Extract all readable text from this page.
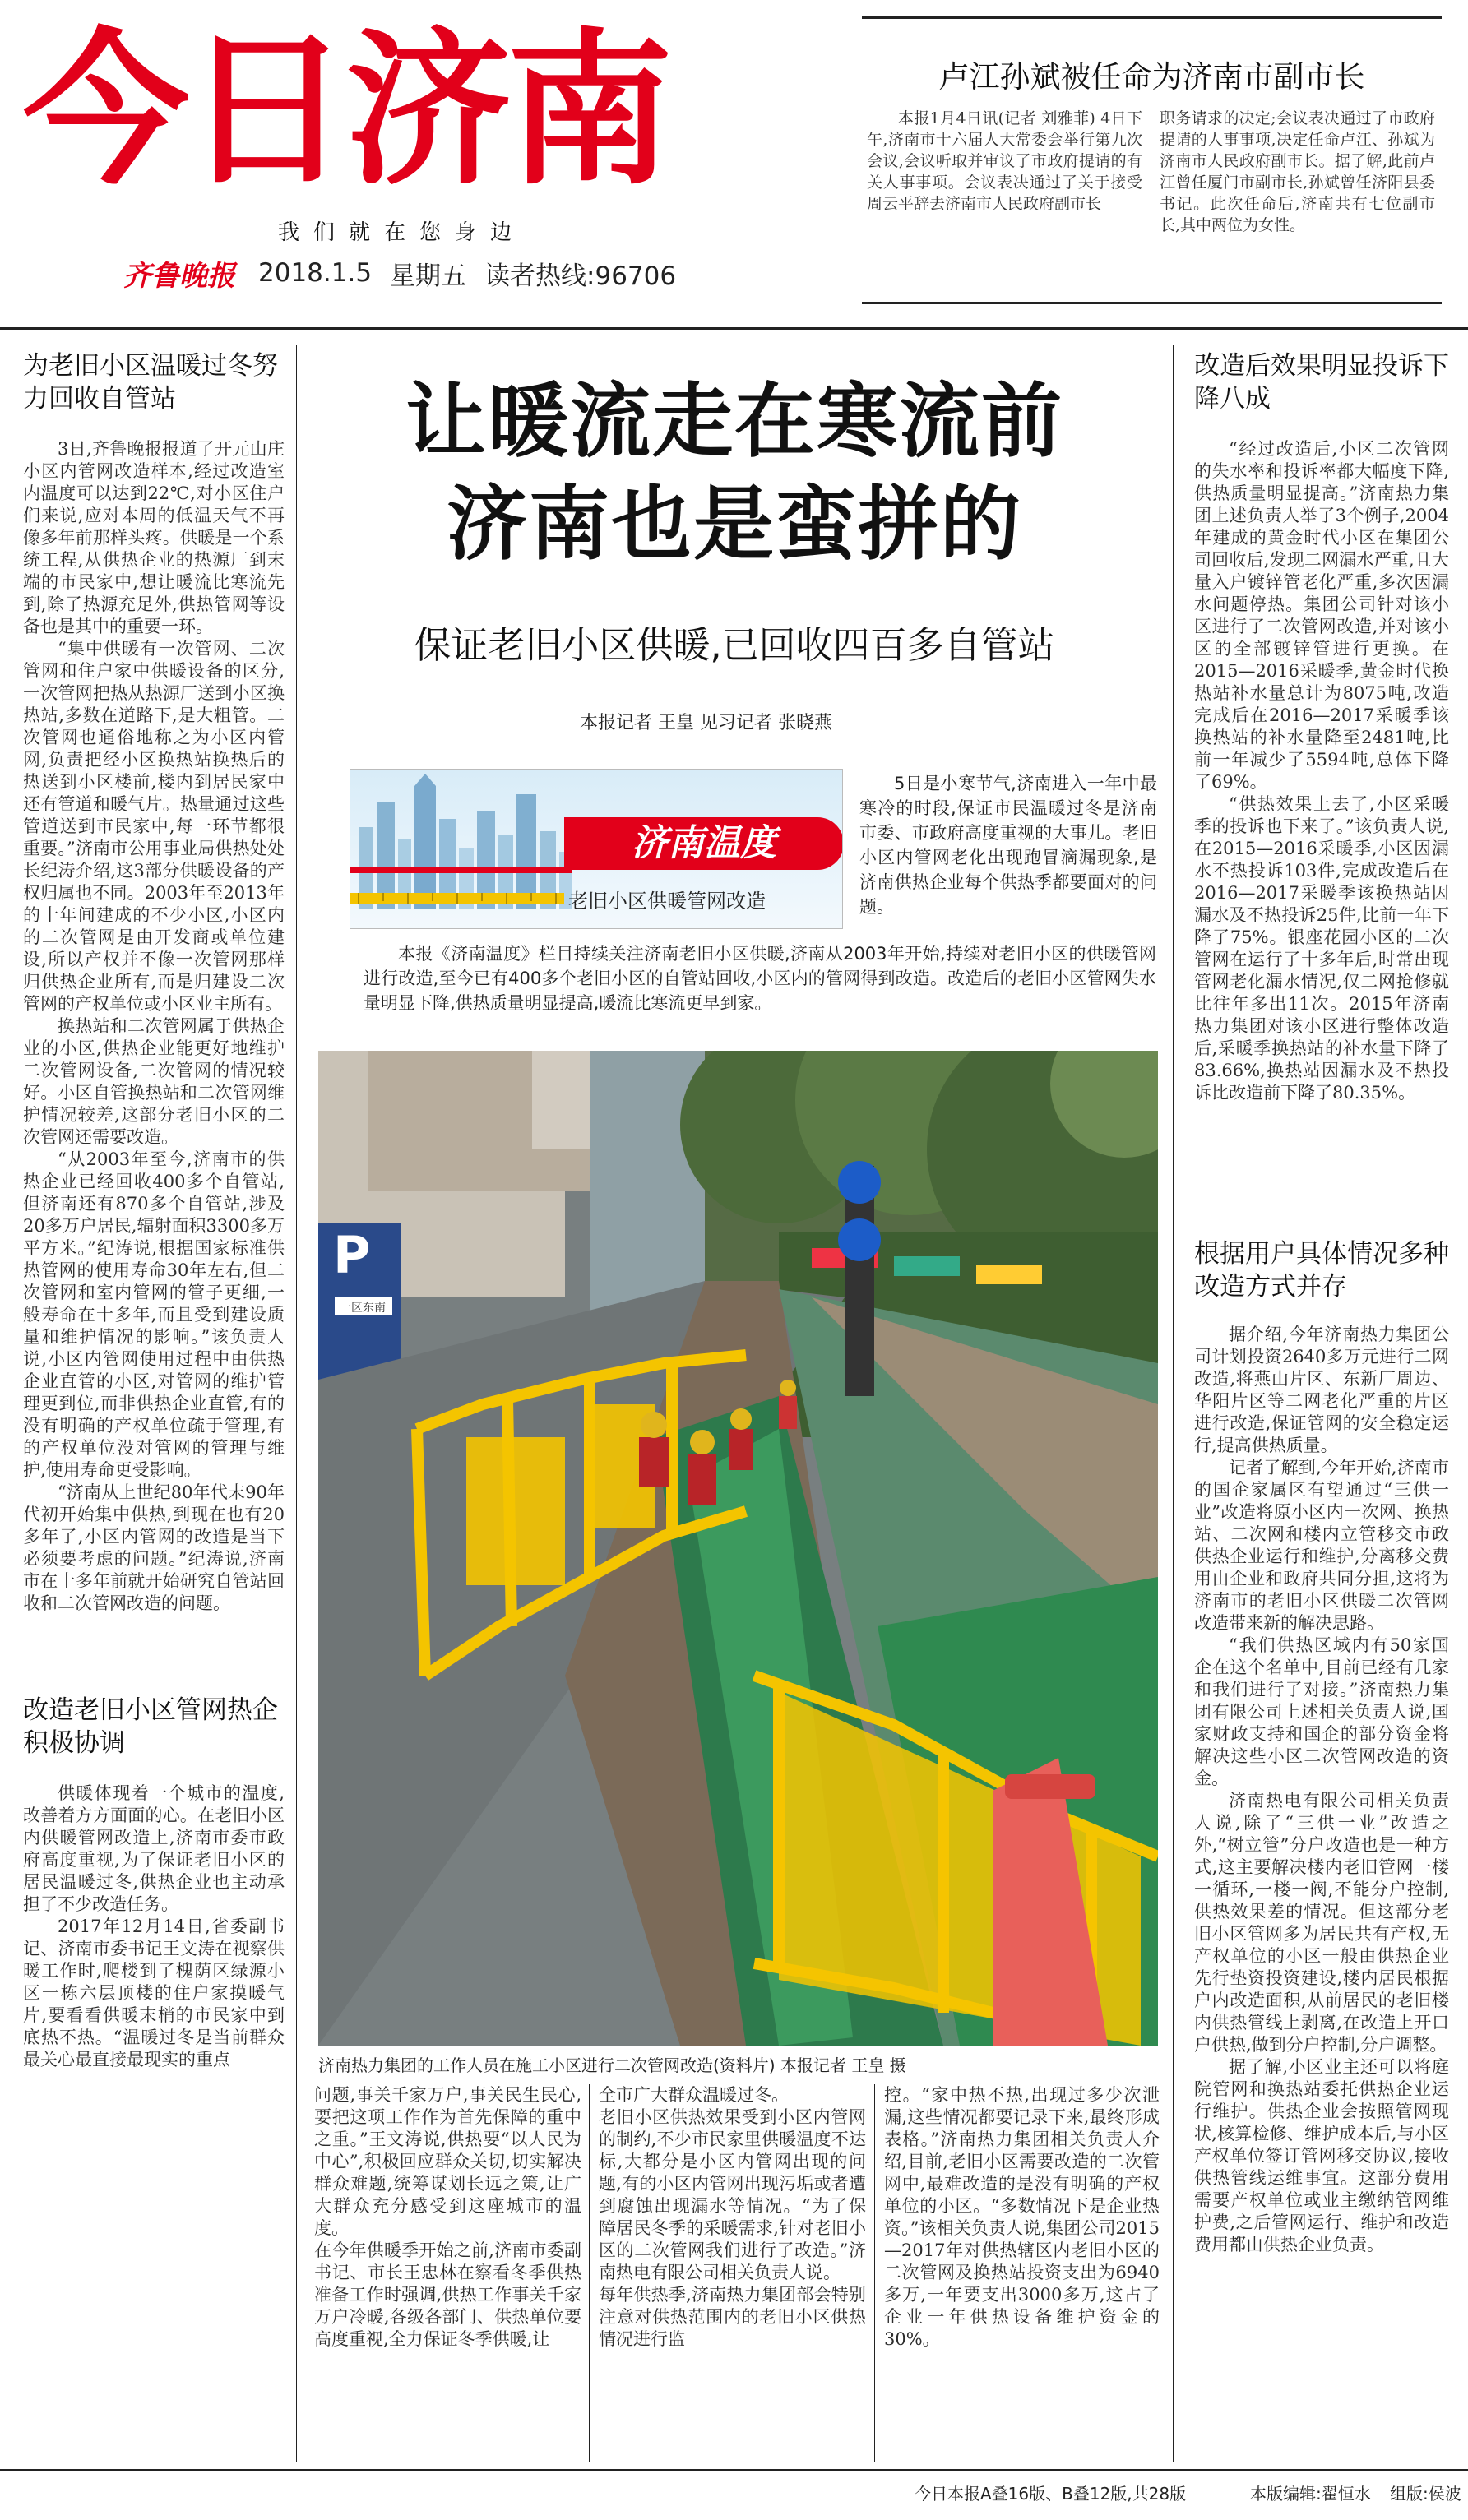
今日济南
我们就在您身边
齐鲁晚报 2018.1.5 星期五 读者热线:96706
卢江孙斌被任命为济南市副市长
本报1月4日讯(记者 刘雅菲) 4日下午,济南市十六届人大常委会举行第九次会议,会议听取并审议了市政府提请的有关人事事项。会议表决通过了关于接受周云平辞去济南市人民政府副市长
职务请求的决定;会议表决通过了市政府提请的人事事项,决定任命卢江、孙斌为济南市人民政府副市长。据了解,此前卢江曾任厦门市副市长,孙斌曾任济阳县委书记。此次任命后,济南共有七位副市长,其中两位为女性。
为老旧小区温暖过冬努力回收自管站

3日,齐鲁晚报报道了开元山庄小区内管网改造样本,经过改造室内温度可以达到22℃,对小区住户们来说,应对本周的低温天气不再像多年前那样头疼。供暖是一个系统工程,从供热企业的热源厂到末端的市民家中,想让暖流比寒流先到,除了热源充足外,供热管网等设备也是其中的重要一环。

“集中供暖有一次管网、二次管网和住户家中供暖设备的区分,一次管网把热从热源厂送到小区换热站,多数在道路下,是大粗管。二次管网也通俗地称之为小区内管网,负责把经小区换热站换热后的热送到小区楼前,楼内到居民家中还有管道和暖气片。热量通过这些管道送到市民家中,每一环节都很重要。”济南市公用事业局供热处处长纪涛介绍,这3部分供暖设备的产权归属也不同。2003年至2013年的十年间建成的不少小区,小区内的二次管网是由开发商或单位建设,所以产权并不像一次管网那样归供热企业所有,而是归建设二次管网的产权单位或小区业主所有。

换热站和二次管网属于供热企业的小区,供热企业能更好地维护二次管网设备,二次管网的情况较好。小区自管换热站和二次管网维护情况较差,这部分老旧小区的二次管网还需要改造。

“从2003年至今,济南市的供热企业已经回收400多个自管站,但济南还有870多个自管站,涉及20多万户居民,辐射面积3300多万平方米。”纪涛说,根据国家标准供热管网的使用寿命30年左右,但二次管网和室内管网的管子更细,一般寿命在十多年,而且受到建设质量和维护情况的影响。”该负责人说,小区内管网使用过程中由供热企业直管的小区,对管网的维护管理更到位,而非供热企业直管,有的没有明确的产权单位疏于管理,有的产权单位没对管网的管理与维护,使用寿命更受影响。

“济南从上世纪80年代末90年代初开始集中供热,到现在也有20多年了,小区内管网的改造是当下必须要考虑的问题。”纪涛说,济南市在十多年前就开始研究自管站回收和二次管网改造的问题。

改造老旧小区管网热企积极协调

供暖体现着一个城市的温度,改善着方方面面的心。在老旧小区内供暖管网改造上,济南市委市政府高度重视,为了保证老旧小区的居民温暖过冬,供热企业也主动承担了不少改造任务。

2017年12月14日,省委副书记、济南市委书记王文涛在视察供暖工作时,爬楼到了槐荫区绿源小区一栋六层顶楼的住户家摸暖气片,要看看供暖末梢的市民家中到底热不热。“温暖过冬是当前群众最关心最直接最现实的重点

让暖流走在寒流前
济南也是蛮拼的
保证老旧小区供暖,已回收四百多自管站
本报记者 王皇 见习记者 张晓燕
济南温度
老旧小区供暖管网改造
5日是小寒节气,济南进入一年中最寒冷的时段,保证市民温暖过冬是济南市委、市政府高度重视的大事儿。老旧小区内管网老化出现跑冒滴漏现象,是济南供热企业每个供热季都要面对的问题。
本报《济南温度》栏目持续关注济南老旧小区供暖,济南从2003年开始,持续对老旧小区的供暖管网进行改造,至今已有400多个老旧小区的自管站回收,小区内的管网得到改造。改造后的老旧小区管网失水量明显下降,供热质量明显提高,暖流比寒流更早到家。
P
一区东南
济南热力集团的工作人员在施工小区进行二次管网改造(资料片) 本报记者 王皇 摄
问题,事关千家万户,事关民生民心,要把这项工作作为首先保障的重中之重。”王文涛说,供热要“以人民为中心”,积极回应群众关切,切实解决群众难题,统筹谋划长远之策,让广大群众充分感受到这座城市的温度。
在今年供暖季开始之前,济南市委副书记、市长王忠林在察看冬季供热准备工作时强调,供热工作事关千家万户冷暖,各级各部门、供热单位要高度重视,全力保证冬季供暖,让
全市广大群众温暖过冬。
老旧小区供热效果受到小区内管网的制约,不少市民家里供暖温度不达标,大都分是小区内管网出现的问题,有的小区内管网出现污垢或者遭到腐蚀出现漏水等情况。“为了保障居民冬季的采暖需求,针对老旧小区的二次管网我们进行了改造。”济南热电有限公司相关负责人说。
每年供热季,济南热力集团部会特别注意对供热范围内的老旧小区供热情况进行监
控。“家中热不热,出现过多少次泄漏,这些情况都要记录下来,最终形成表格。”济南热力集团相关负责人介绍,目前,老旧小区需要改造的二次管网中,最难改造的是没有明确的产权单位的小区。“多数情况下是企业热资。”该相关负责人说,集团公司2015—2017年对供热辖区内老旧小区的二次管网及换热站投资支出为6940多万,一年要支出3000多万,这占了企业一年供热设备维护资金的30%。
改造后效果明显投诉下降八成

“经过改造后,小区二次管网的失水率和投诉率都大幅度下降,供热质量明显提高。”济南热力集团上述负责人举了3个例子,2004年建成的黄金时代小区在集团公司回收后,发现二网漏水严重,且大量入户镀锌管老化严重,多次因漏水问题停热。集团公司针对该小区进行了二次管网改造,并对该小区的全部镀锌管进行更换。在2015—2016采暖季,黄金时代换热站补水量总计为8075吨,改造完成后在2016—2017采暖季该换热站的补水量降至2481吨,比前一年减少了5594吨,总体下降了69%。

“供热效果上去了,小区采暖季的投诉也下来了。”该负责人说,在2015—2016采暖季,小区因漏水不热投诉103件,完成改造后在2016—2017采暖季该换热站因漏水及不热投诉25件,比前一年下降了75%。银座花园小区的二次管网在运行了十多年后,时常出现管网老化漏水情况,仅二网抢修就比往年多出11次。2015年济南热力集团对该小区进行整体改造后,采暖季换热站的补水量下降了83.66%,换热站因漏水及不热投诉比改造前下降了80.35%。

根据用户具体情况多种改造方式并存

据介绍,今年济南热力集团公司计划投资2640多万元进行二网改造,将燕山片区、东新厂周边、华阳片区等二网老化严重的片区进行改造,保证管网的安全稳定运行,提高供热质量。

记者了解到,今年开始,济南市的国企家属区有望通过“三供一业”改造将原小区内一次网、换热站、二次网和楼内立管移交市政供热企业运行和维护,分离移交费用由企业和政府共同分担,这将为济南市的老旧小区供暖二次管网改造带来新的解决思路。

“我们供热区域内有50家国企在这个名单中,目前已经有几家和我们进行了对接。”济南热力集团有限公司上述相关负责人说,国家财政支持和国企的部分资金将解决这些小区二次管网改造的资金。

济南热电有限公司相关负责人说,除了“三供一业”改造之外,“树立管”分户改造也是一种方式,这主要解决楼内老旧管网一楼一循环,一楼一阀,不能分户控制,供热效果差的情况。但这部分老旧小区管网多为居民共有产权,无产权单位的小区一般由供热企业先行垫资投资建设,楼内居民根据户内改造面积,从前居民的老旧楼内供热管线上剥离,在改造上开口户供热,做到分户控制,分户调整。

据了解,小区业主还可以将庭院管网和换热站委托供热企业运行维护。供热企业会按照管网现状,核算检修、维护成本后,与小区产权单位签订管网移交协议,接收供热管线运维事宜。这部分费用需要产权单位或业主缴纳管网维护费,之后管网运行、维护和改造费用都由供热企业负责。

今日本报A叠16版、B叠12版,共28版	本版编辑:翟恒水 组版:侯波
